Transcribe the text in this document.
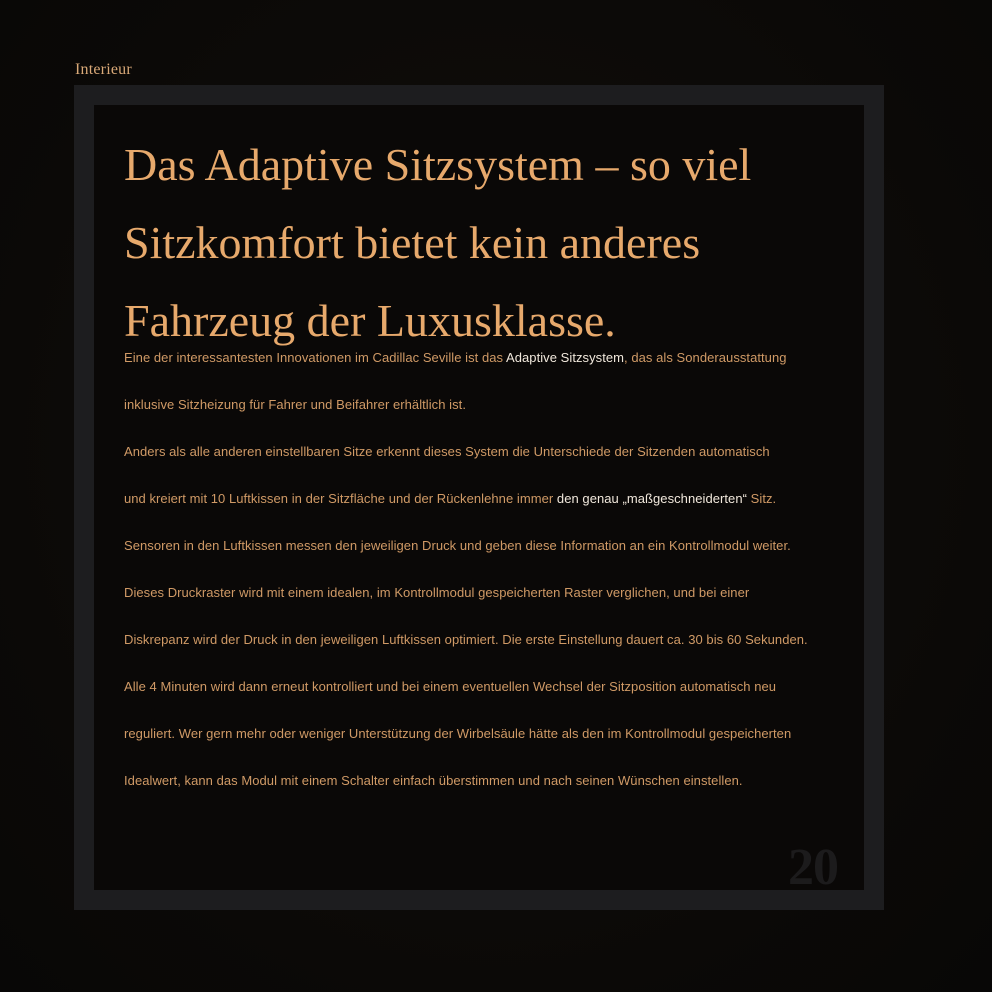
Interieur
Das Adaptive Sitzsystem – so viel
Sitzkomfort bietet kein anderes
Fahrzeug der Luxusklasse.
Eine der interessantesten Innovationen im Cadillac Seville ist das Adaptive Sitzsystem, das als Sonderausstattung
inklusive Sitzheizung für Fahrer und Beifahrer erhältlich ist.
Anders als alle anderen einstellbaren Sitze erkennt dieses System die Unterschiede der Sitzenden automatisch
und kreiert mit 10 Luftkissen in der Sitzfläche und der Rückenlehne immer den genau „maßgeschneiderten“ Sitz.
Sensoren in den Luftkissen messen den jeweiligen Druck und geben diese Information an ein Kontrollmodul weiter.
Dieses Druckraster wird mit einem idealen, im Kontrollmodul gespeicherten Raster verglichen, und bei einer
Diskrepanz wird der Druck in den jeweiligen Luftkissen optimiert. Die erste Einstellung dauert ca. 30 bis 60 Sekunden.
Alle 4 Minuten wird dann erneut kontrolliert und bei einem eventuellen Wechsel der Sitzposition automatisch neu
reguliert. Wer gern mehr oder weniger Unterstützung der Wirbelsäule hätte als den im Kontrollmodul gespeicherten
Idealwert, kann das Modul mit einem Schalter einfach überstimmen und nach seinen Wünschen einstellen.
20
